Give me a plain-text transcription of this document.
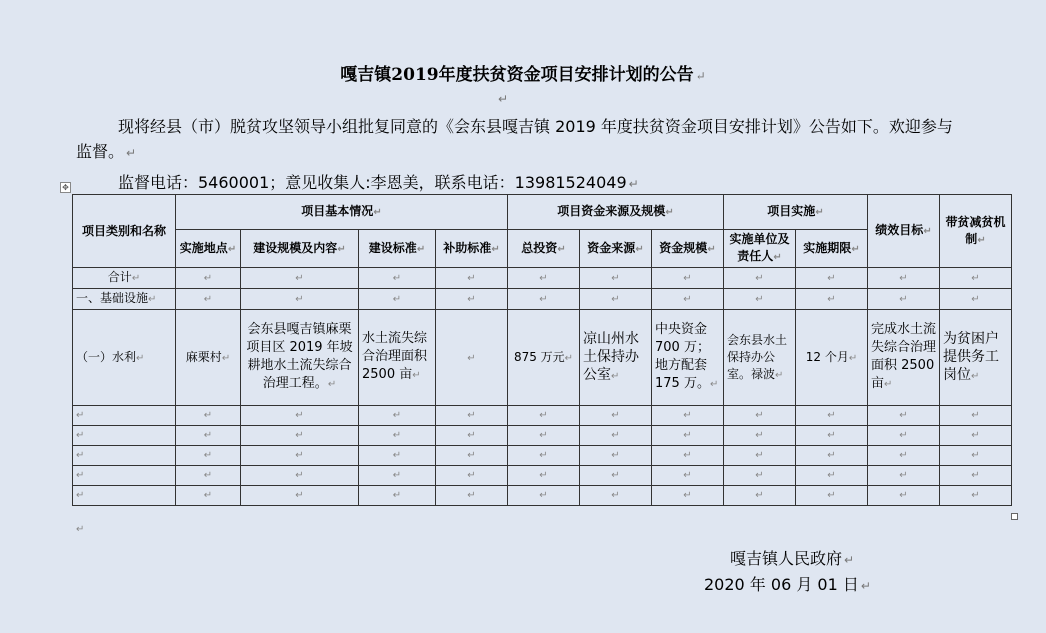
嘎吉镇2019年度扶贫资金项目安排计划的公告 ↵
↵
现将经县（市）脱贫攻坚领导小组批复同意的《会东县嘎吉镇 2019 年度扶贫资金项目安排计划》公告如下。欢迎参与监督。 ↵
监督电话：5460001；意见收集人:李恩美，联系电话：13981524049 ↵
✥
项目类别和名称	项目基本情况↵				项目资金来源及规模↵			项目实施↵		绩效目标↵	带贫减贫机制↵
	实施地点↵	建设规模及内容↵	建设标准↵	补助标准↵	总投资↵	资金来源↵	资金规模↵	实施单位及责任人↵	实施期限↵		
合计↵	↵	↵	↵	↵	↵	↵	↵	↵	↵	↵	↵
一、基础设施↵	↵	↵	↵	↵	↵	↵	↵	↵	↵	↵	↵
（一）水利↵	麻栗村↵	会东县嘎吉镇麻栗项目区 2019 年坡耕地水土流失综合治理工程。↵	水土流失综合治理面积 2500 亩↵	↵	875 万元↵	凉山州水土保持办公室↵	中央资金 700 万；地方配套 175 万。↵	会东县水土保持办公室。禄波↵	12 个月↵	完成水土流失综合治理面积 2500 亩↵	为贫困户提供务工岗位↵
↵	↵	↵	↵	↵	↵	↵	↵	↵	↵	↵	↵
↵	↵	↵	↵	↵	↵	↵	↵	↵	↵	↵	↵
↵	↵	↵	↵	↵	↵	↵	↵	↵	↵	↵	↵
↵	↵	↵	↵	↵	↵	↵	↵	↵	↵	↵	↵
↵	↵	↵	↵	↵	↵	↵	↵	↵	↵	↵	↵
↵
嘎吉镇人民政府 ↵
2020 年 06 月 01 日 ↵
